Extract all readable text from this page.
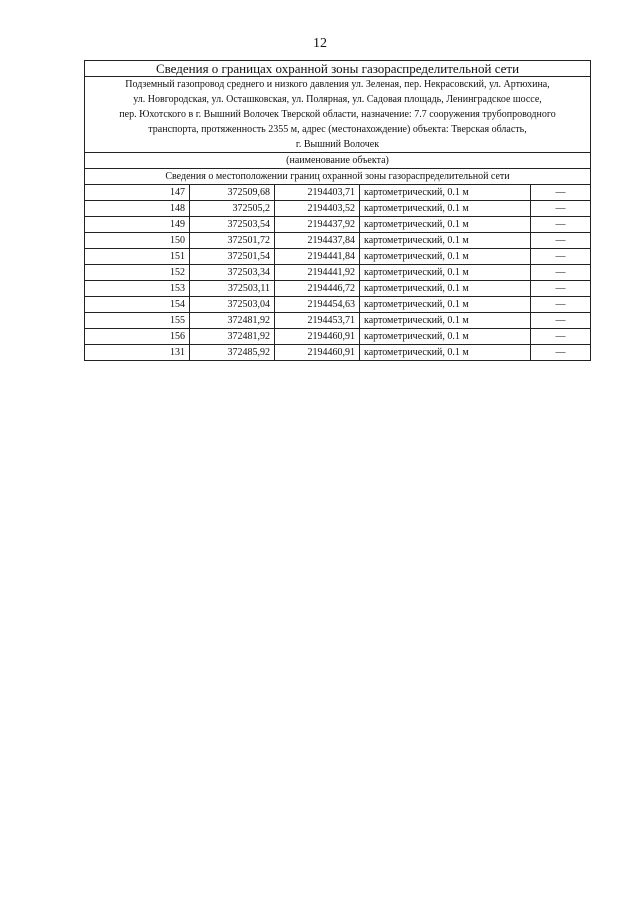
12
Сведения о границах охранной зоны газораспределительной сети				

Подземный газопровод среднего и низкого давления ул. Зеленая, пер. Некрасовский, ул. Артюхина,
ул. Новгородская, ул. Осташковская, ул. Полярная, ул. Садовая площадь, Ленинградское шоссе,
пер. Юхотского в г. Вышний Волочек Тверской области, назначение: 7.7 сооружения трубопроводного
транспорта, протяженность 2355 м, адрес (местонахождение) объекта: Тверская область,
г. Вышний Волочек				

(наименование объекта)				
Сведения о местоположении границ охранной зоны газораспределительной сети				
147	372509,68	2194403,71	картометрический, 0.1 м	—
148	372505,2	2194403,52	картометрический, 0.1 м	—
149	372503,54	2194437,92	картометрический, 0.1 м	—
150	372501,72	2194437,84	картометрический, 0.1 м	—
151	372501,54	2194441,84	картометрический, 0.1 м	—
152	372503,34	2194441,92	картометрический, 0.1 м	—
153	372503,11	2194446,72	картометрический, 0.1 м	—
154	372503,04	2194454,63	картометрический, 0.1 м	—
155	372481,92	2194453,71	картометрический, 0.1 м	—
156	372481,92	2194460,91	картометрический, 0.1 м	—
131	372485,92	2194460,91	картометрический, 0.1 м	—
